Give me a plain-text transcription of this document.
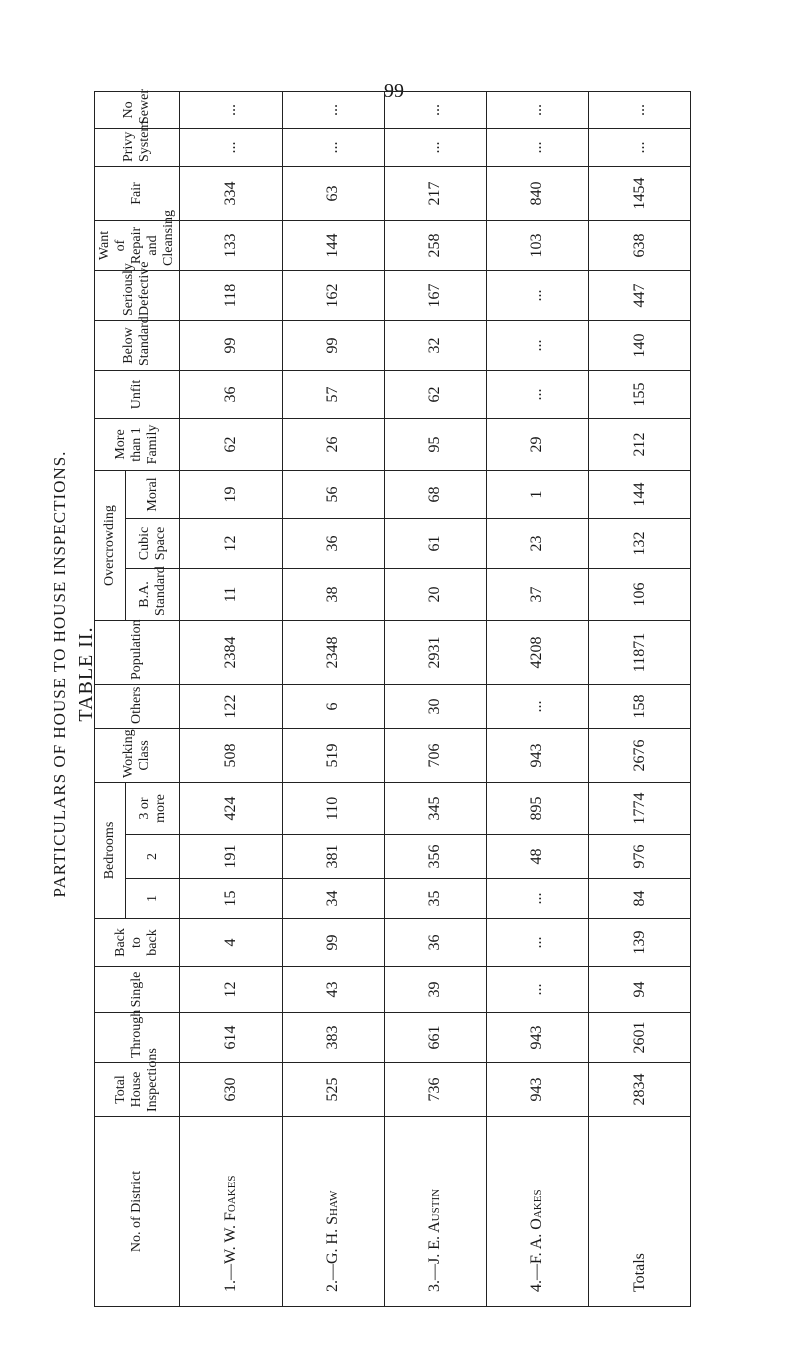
99
TABLE II.
PARTICULARS OF HOUSE TO HOUSE INSPECTIONS.
No. of District	Total House Inspections	Through	Single	Back to back	Bedrooms			Working Class	Others	Population	Overcrowding			More than 1 Family	Unfit	Below Standard	Seriously Defective	Want of Repair and Cleansing	Fair	Privy System	No Sewer
					1	2	3 or more				B.A. Standard	Cubic Space	Moral								
1.—W. W. Foakes	630	614	12	4	15	191	424	508	122	2384	11	12	19	62	36	99	118	133	334	...	...
2.—G. H. Shaw	525	383	43	99	34	381	110	519	6	2348	38	36	56	26	57	99	162	144	63	...	...
3.—J. E. Austin	736	661	39	36	35	356	345	706	30	2931	20	61	68	95	62	32	167	258	217	...	...
4.—F. A. Oakes	943	943	...	...	...	48	895	943	...	4208	37	23	1	29	...	...	...	103	840	...	...
Totals	2834	2601	94	139	84	976	1774	2676	158	11871	106	132	144	212	155	140	447	638	1454	...	...
